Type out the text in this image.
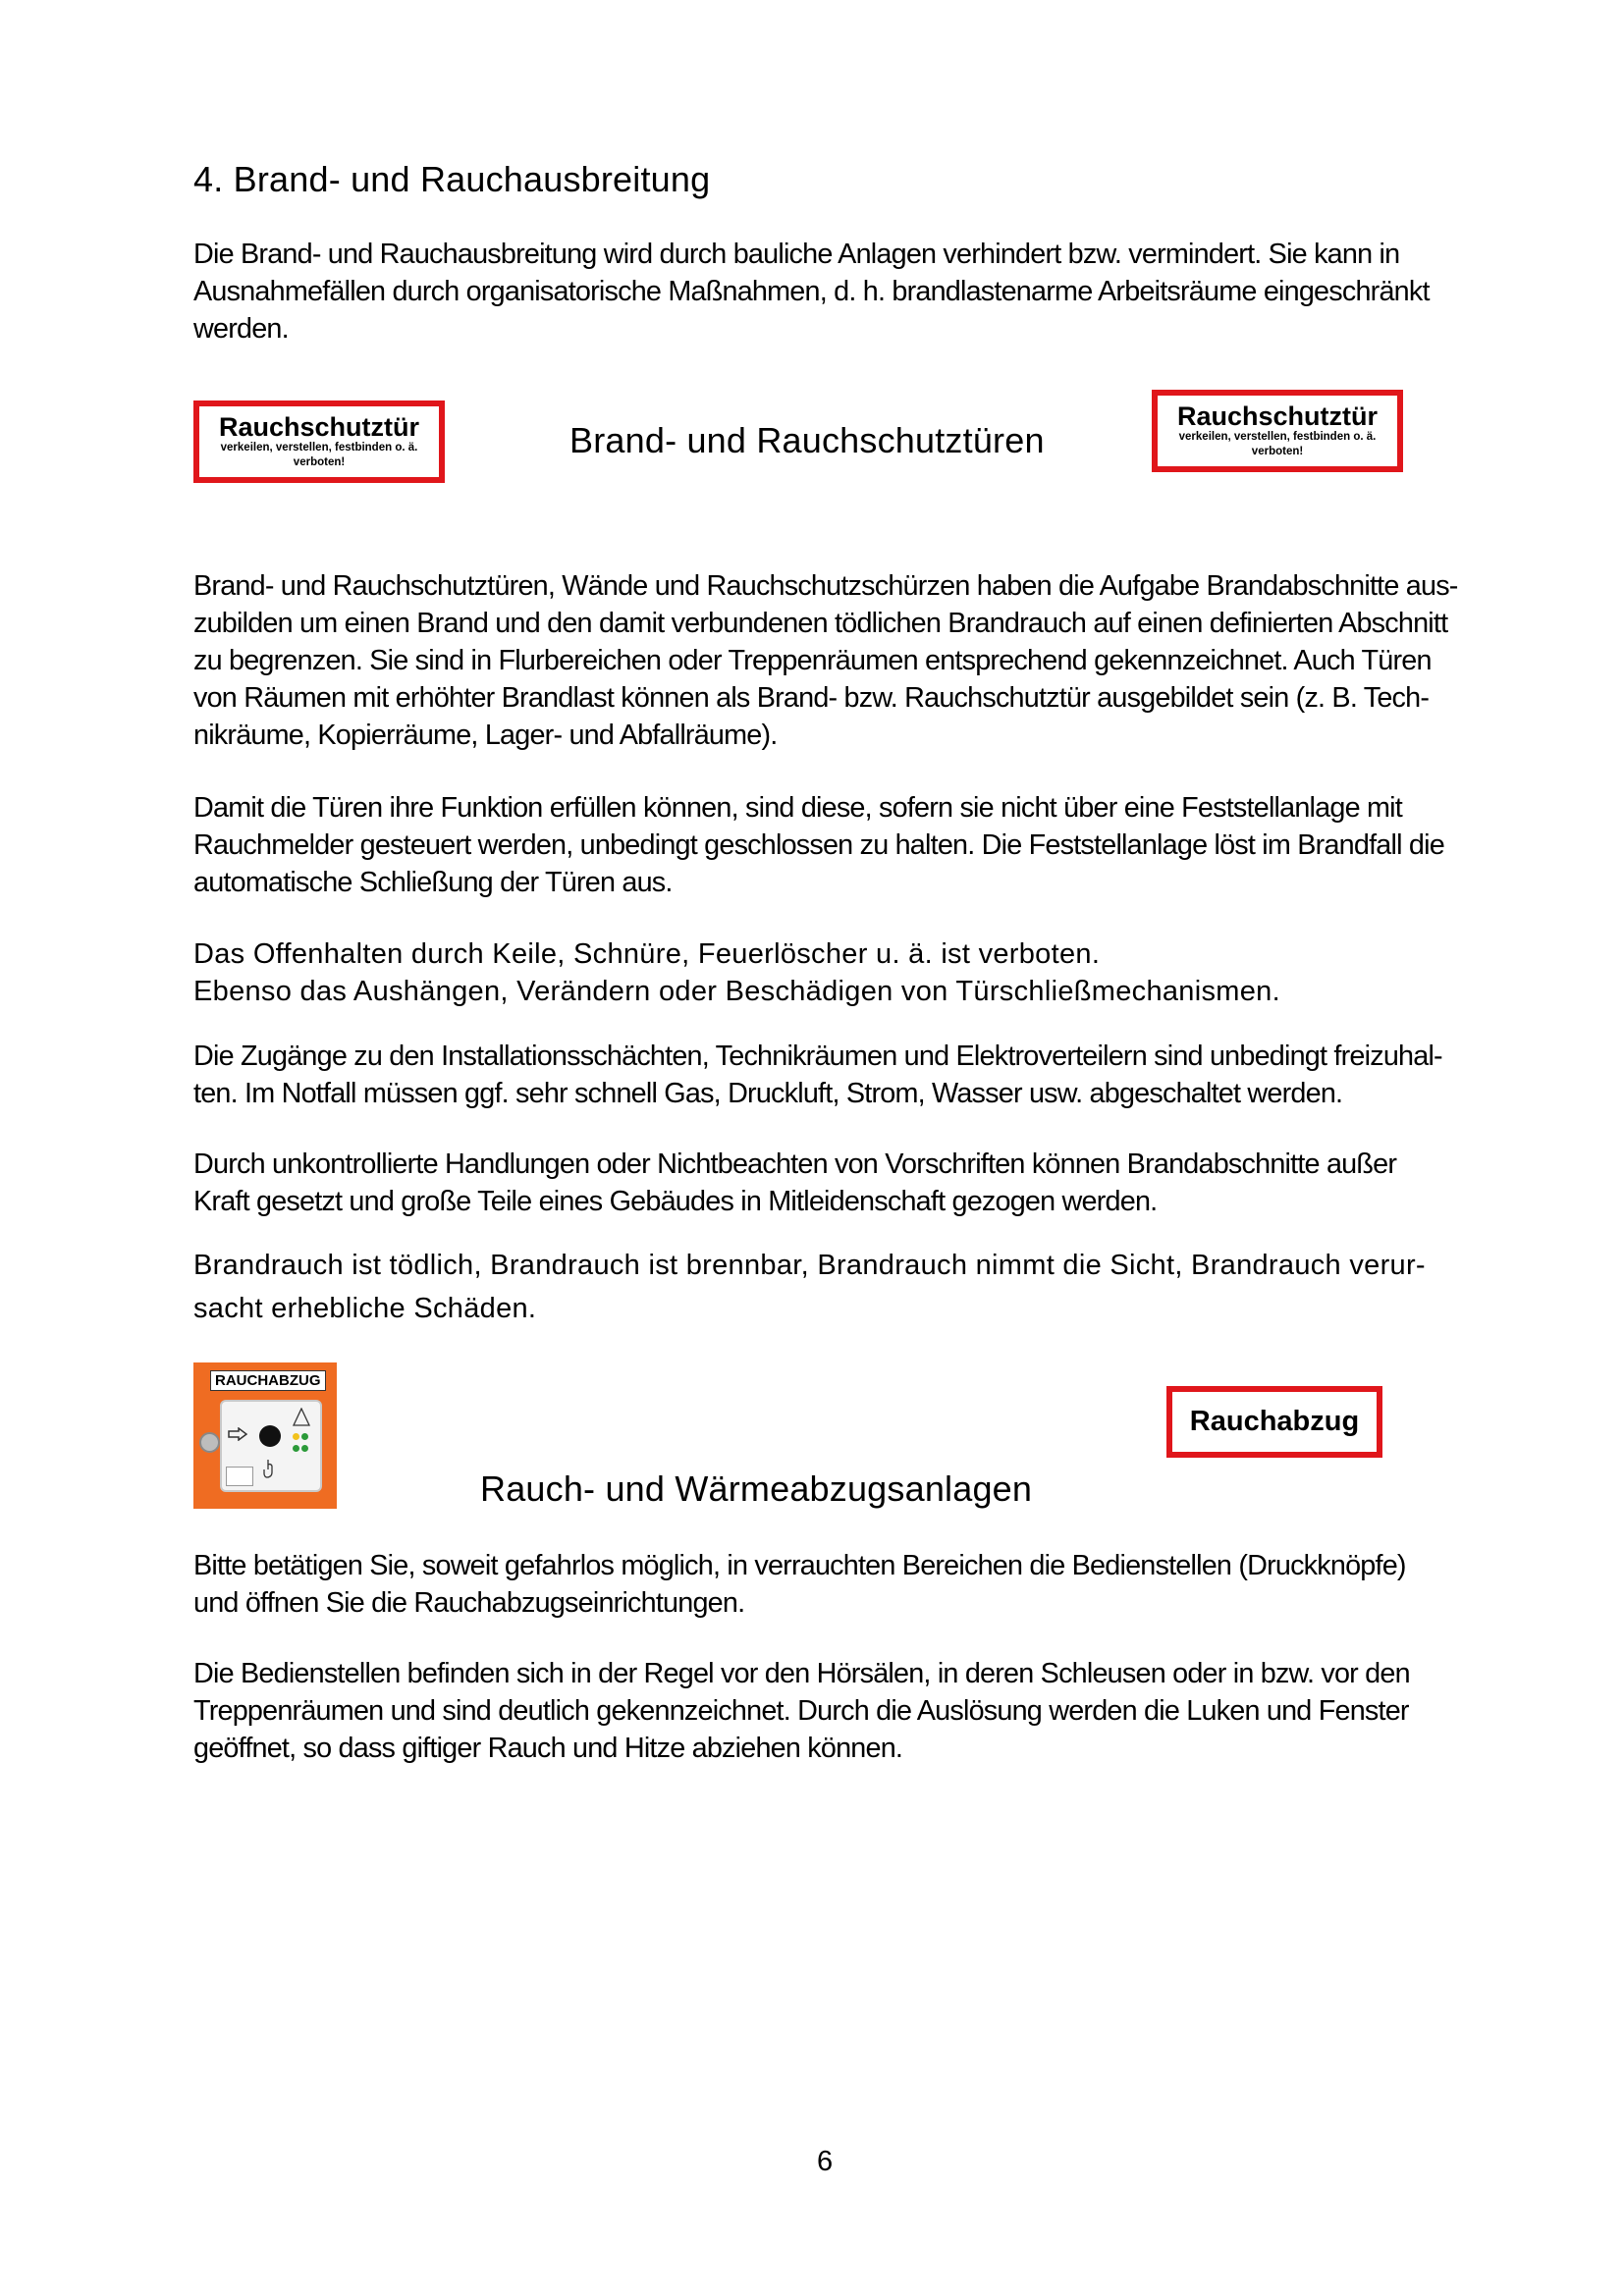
4. Brand- und Rauchausbreitung
Die Brand- und Rauchausbreitung wird durch bauliche Anlagen verhindert bzw. vermindert. Sie kann in
Ausnahmefällen durch organisatorische Maßnahmen, d. h. brandlastenarme Arbeitsräume eingeschränkt
werden.
Rauchschutztür
verkeilen, verstellen, festbinden o. ä.
verboten!
Brand- und Rauchschutztüren
Rauchschutztür
verkeilen, verstellen, festbinden o. ä.
verboten!
Brand- und Rauchschutztüren, Wände und Rauchschutzschürzen haben die Aufgabe Brandabschnitte aus-
zubilden um einen Brand und den damit verbundenen tödlichen Brandrauch auf einen definierten Abschnitt
zu begrenzen. Sie sind in Flurbereichen oder Treppenräumen entsprechend gekennzeichnet. Auch Türen
von Räumen mit erhöhter Brandlast können als Brand- bzw. Rauchschutztür ausgebildet sein (z. B. Tech-
nikräume, Kopierräume, Lager- und Abfallräume).
Damit die Türen ihre Funktion erfüllen können, sind diese, sofern sie nicht über eine Feststellanlage mit
Rauchmelder gesteuert werden, unbedingt geschlossen zu halten. Die Feststellanlage löst im Brandfall die
automatische Schließung der Türen aus.
Das Offenhalten durch Keile, Schnüre, Feuerlöscher u. ä. ist verboten.
Ebenso das Aushängen, Verändern oder Beschädigen von Türschließmechanismen.
Die Zugänge zu den Installationsschächten, Technikräumen und Elektroverteilern sind unbedingt freizuhal-
ten. Im Notfall müssen ggf. sehr schnell Gas, Druckluft, Strom, Wasser usw. abgeschaltet werden.
Durch unkontrollierte Handlungen oder Nichtbeachten von Vorschriften können Brandabschnitte außer
Kraft gesetzt und große Teile eines Gebäudes in Mitleidenschaft gezogen werden.
Brandrauch ist tödlich, Brandrauch ist brennbar, Brandrauch nimmt die Sicht, Brandrauch verur-
sacht erhebliche Schäden.
RAUCHABZUG
Rauchabzug
Rauch- und Wärmeabzugsanlagen
Bitte betätigen Sie, soweit gefahrlos möglich, in verrauchten Bereichen die Bedienstellen (Druckknöpfe)
und öffnen Sie die Rauchabzugseinrichtungen.
Die Bedienstellen befinden sich in der Regel vor den Hörsälen, in deren Schleusen oder in bzw. vor den
Treppenräumen und sind deutlich gekennzeichnet. Durch die Auslösung werden die Luken und Fenster
geöffnet, so dass giftiger Rauch und Hitze abziehen können.
6
